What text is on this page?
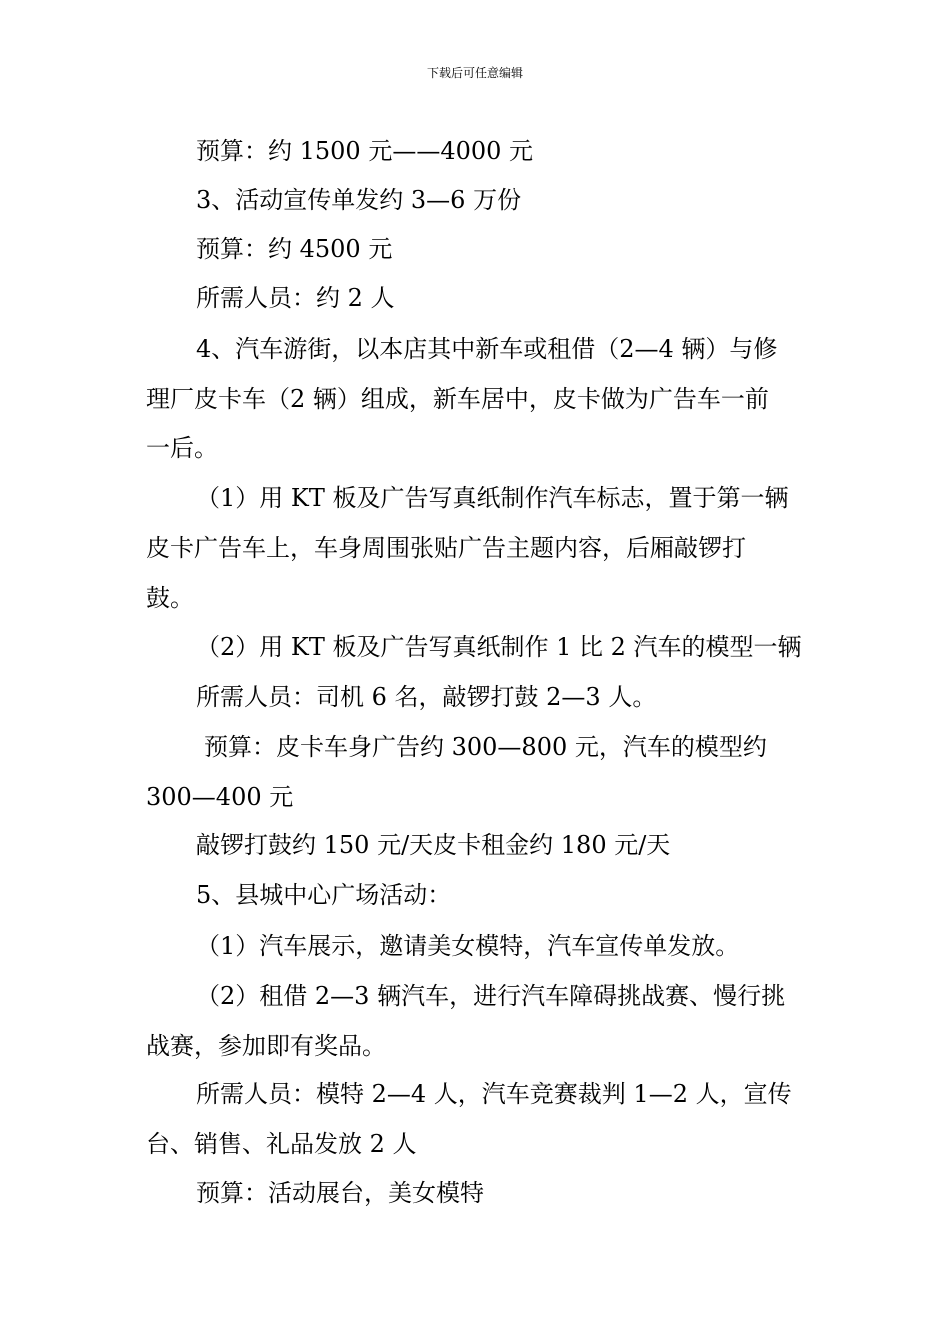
下载后可任意编辑
预算：约 1500 元——4000 元
3、活动宣传单发约 3—6 万份
预算：约 4500 元
所需人员：约 2 人
4、汽车游街，以本店其中新车或租借（2—4 辆）与修
理厂皮卡车（2 辆）组成，新车居中，皮卡做为广告车一前
一后。
（1）用 KT 板及广告写真纸制作汽车标志，置于第一辆
皮卡广告车上，车身周围张贴广告主题内容，后厢敲锣打
鼓。
（2）用 KT 板及广告写真纸制作 1 比 2 汽车的模型一辆
所需人员：司机 6 名，敲锣打鼓 2—3 人。
预算：皮卡车身广告约 300—800 元，汽车的模型约
300—400 元
敲锣打鼓约 150 元/天皮卡租金约 180 元/天
5、县城中心广场活动：
（1）汽车展示，邀请美女模特，汽车宣传单发放。
（2）租借 2—3 辆汽车，进行汽车障碍挑战赛、慢行挑
战赛，参加即有奖品。
所需人员：模特 2—4 人，汽车竞赛裁判 1—2 人，宣传
台、销售、礼品发放 2 人
预算：活动展台，美女模特
